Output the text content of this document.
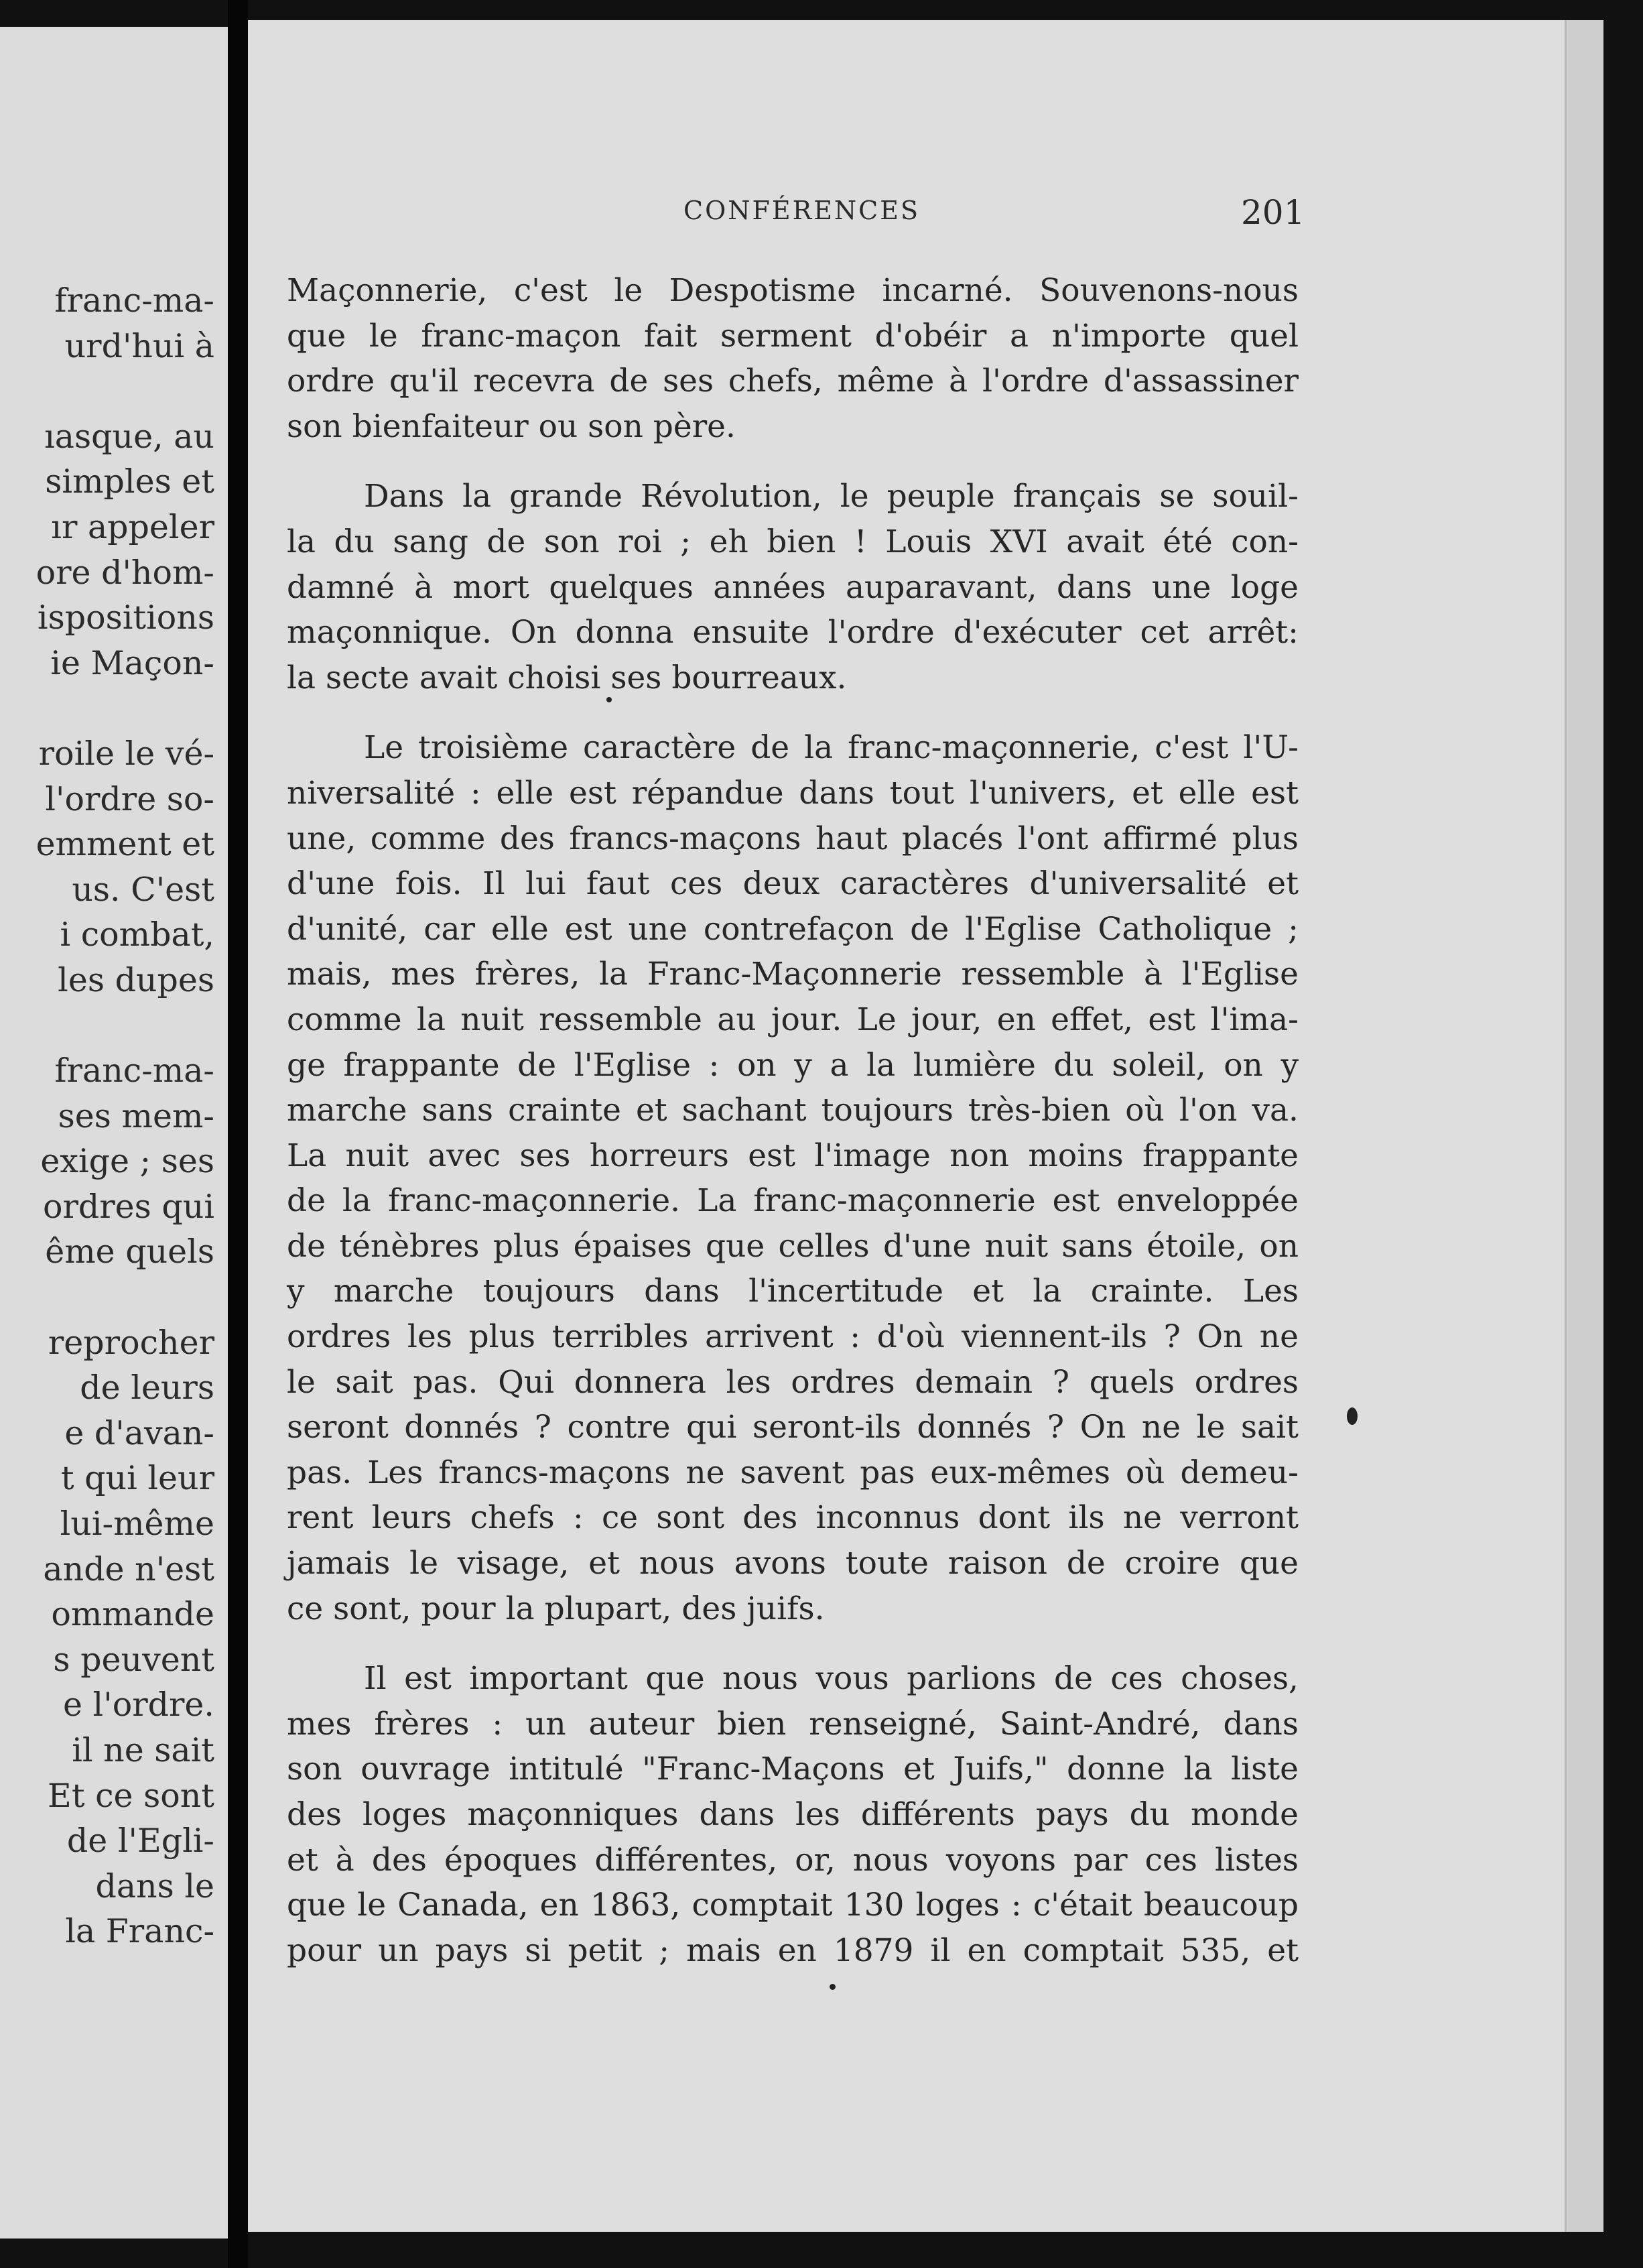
franc-ma-
urd'hui à
ıasque, au
simples et
ır appeler
ore d'hom-
ispositions
ie Maçon-
roile le vé-
l'ordre so-
emment et
us. C'est
i combat,
les dupes
franc-ma-
ses mem-
exige ; ses
ordres qui
ême quels
reprocher
de leurs
e d'avan-
t qui leur
lui-même
ande n'est
ommande
s peuvent
e l'ordre.
il ne sait
Et ce sont
de l'Egli-
dans le
la Franc-
CONFÉRENCES	201
Maçonnerie, c'est le Despotisme incarné. Souvenons-nous
que le franc-maçon fait serment d'obéir a n'importe quel
ordre qu'il recevra de ses chefs, même à l'ordre d'assassiner
son bienfaiteur ou son père.
Dans la grande Révolution, le peuple français se souil-
la du sang de son roi ; eh bien ! Louis XVI avait été con-
damné à mort quelques années auparavant, dans une loge
maçonnique. On donna ensuite l'ordre d'exécuter cet arrêt:
la secte avait choisi ses bourreaux.
Le troisième caractère de la franc-maçonnerie, c'est l'U-
niversalité : elle est répandue dans tout l'univers, et elle est
une, comme des francs-maçons haut placés l'ont affirmé plus
d'une fois. Il lui faut ces deux caractères d'universalité et
d'unité, car elle est une contrefaçon de l'Eglise Catholique ;
mais, mes frères, la Franc-Maçonnerie ressemble à l'Eglise
comme la nuit ressemble au jour. Le jour, en effet, est l'ima-
ge frappante de l'Eglise : on y a la lumière du soleil, on y
marche sans crainte et sachant toujours très-bien où l'on va.
La nuit avec ses horreurs est l'image non moins frappante
de la franc-maçonnerie. La franc-maçonnerie est enveloppée
de ténèbres plus épaises que celles d'une nuit sans étoile, on
y marche toujours dans l'incertitude et la crainte. Les
ordres les plus terribles arrivent : d'où viennent-ils ? On ne
le sait pas. Qui donnera les ordres demain ? quels ordres
seront donnés ? contre qui seront-ils donnés ? On ne le sait
pas. Les francs-maçons ne savent pas eux-mêmes où demeu-
rent leurs chefs : ce sont des inconnus dont ils ne verront
jamais le visage, et nous avons toute raison de croire que
ce sont, pour la plupart, des juifs.
Il est important que nous vous parlions de ces choses,
mes frères : un auteur bien renseigné, Saint-André, dans
son ouvrage intitulé "Franc-Maçons et Juifs," donne la liste
des loges maçonniques dans les différents pays du monde
et à des époques différentes, or, nous voyons par ces listes
que le Canada, en 1863, comptait 130 loges : c'était beaucoup
pour un pays si petit ; mais en 1879 il en comptait 535, et
